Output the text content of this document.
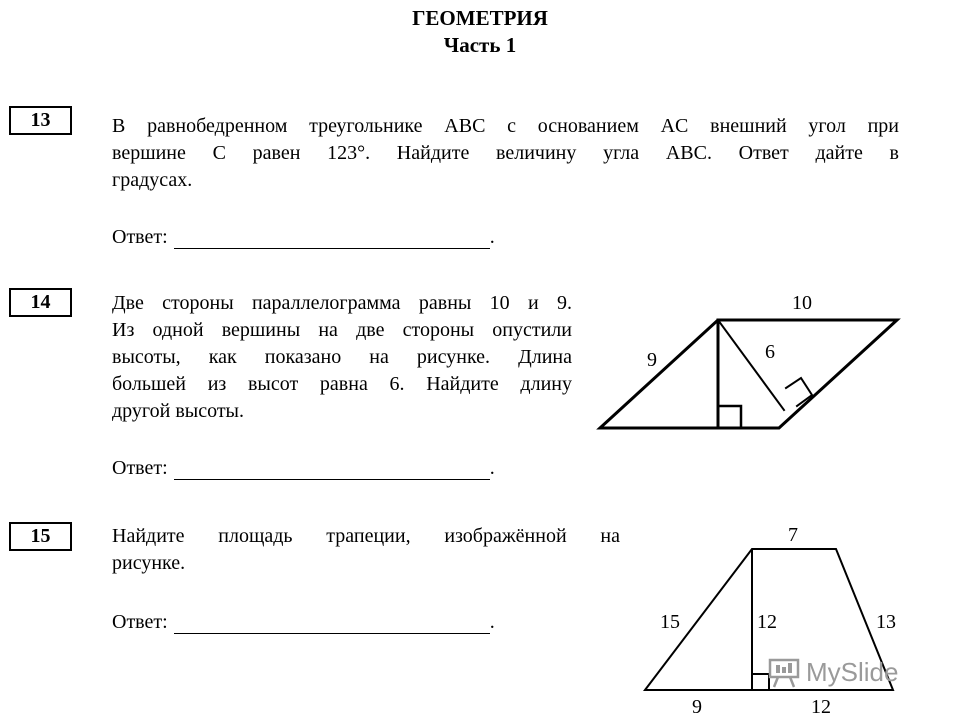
ГЕОМЕТРИЯ
Часть 1
13	В равнобедренном треугольнике ABC с основанием AC внешний угол при
вершине C равен 123°. Найдите величину угла ABC. Ответ дайте в
градусах.
Ответ:	.
14	Две стороны параллелограмма равны 10 и 9.
Из одной вершины на две стороны опустили
высоты, как показано на рисунке. Длина
большей из высот равна 6. Найдите длину
другой высоты.
Ответ:	.
10
9	6
15	Найдите площадь трапеции, изображённой на
рисунке.
Ответ:	.
7
15	12	13
9	12
MySlide
